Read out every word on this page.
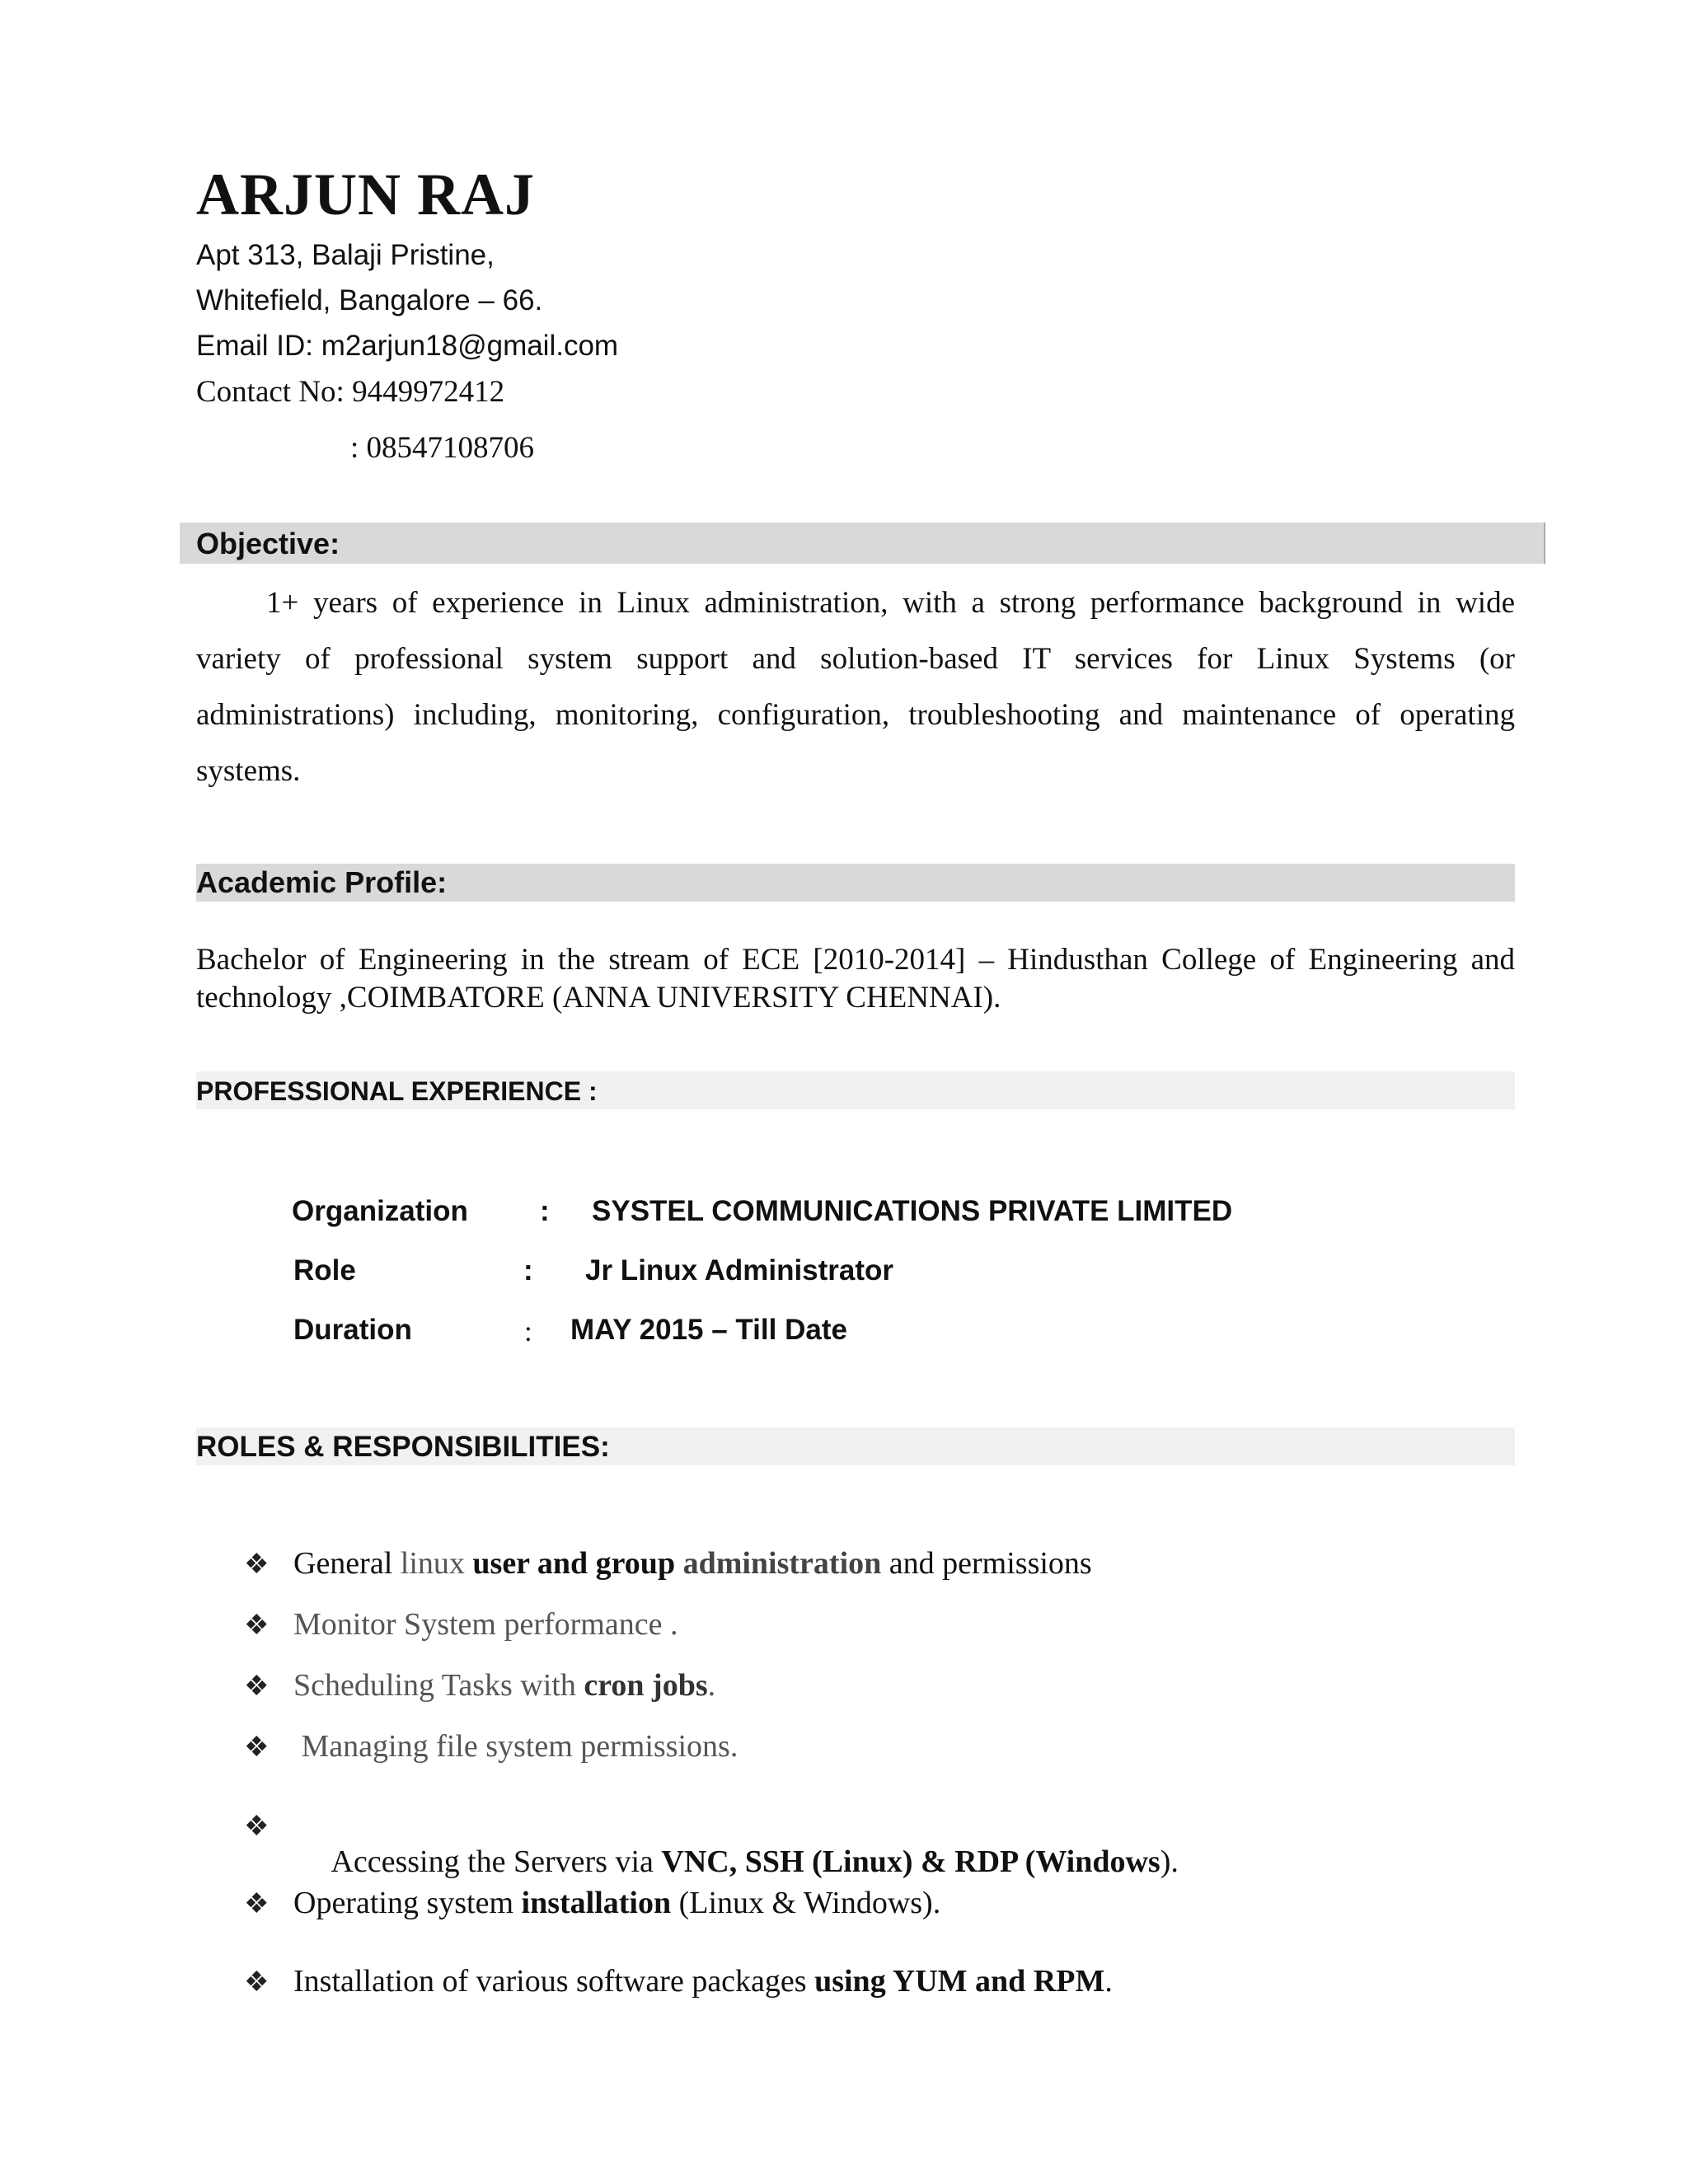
ARJUN RAJ
Apt 313, Balaji Pristine,
Whitefield, Bangalore – 66.
Email ID: m2arjun18@gmail.com
Contact No: 9449972412
: 08547108706
Objective:
1+ years of experience in Linux administration, with a strong performance background in wide variety of professional system support and solution-based IT services for Linux Systems (or administrations) including, monitoring, configuration, troubleshooting and maintenance of operating systems.
Academic Profile:
Bachelor of Engineering in the stream of ECE [2010-2014] – Hindusthan College of Engineering and technology ,COIMBATORE (ANNA UNIVERSITY CHENNAI).
PROFESSIONAL EXPERIENCE :
Organization : SYSTEL COMMUNICATIONS PRIVATE LIMITED
Role	: Jr Linux Administrator
Duration	: MAY 2015 – Till Date
ROLES & RESPONSIBILITIES:
❖ General linux user and group administration and permissions
❖ Monitor System performance .
❖ Scheduling Tasks with cron jobs.
❖ Managing file system permissions.
❖

Accessing the Servers via VNC, SSH (Linux) & RDP (Windows).

❖ Operating system installation (Linux & Windows).
❖ Installation of various software packages using YUM and RPM.
